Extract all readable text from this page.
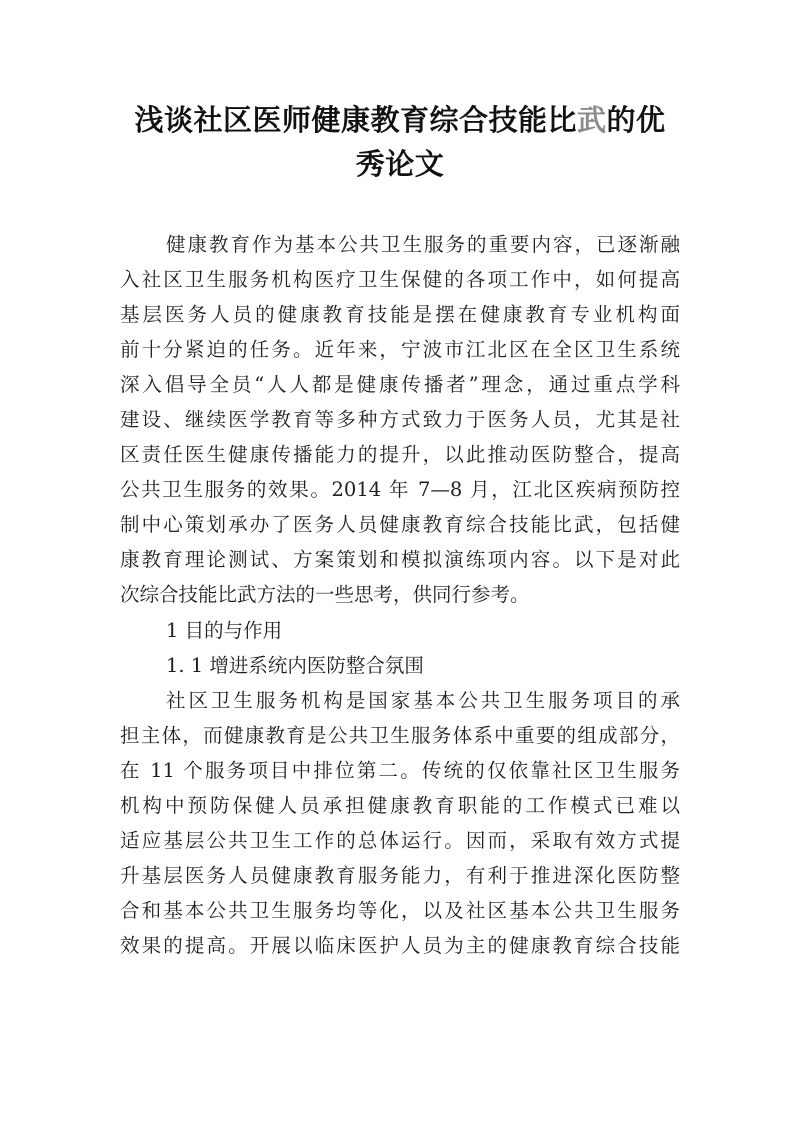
浅谈社区医师健康教育综合技能比武的优
秀论文
健康教育作为基本公共卫生服务的重要内容，已逐渐融
入社区卫生服务机构医疗卫生保健的各项工作中，如何提高
基层医务人员的健康教育技能是摆在健康教育专业机构面
前十分紧迫的任务。近年来，宁波市江北区在全区卫生系统
深入倡导全员“人人都是健康传播者”理念，通过重点学科
建设、继续医学教育等多种方式致力于医务人员，尤其是社
区责任医生健康传播能力的提升，以此推动医防整合，提高
公共卫生服务的效果。2014 年 7—8 月，江北区疾病预防控
制中心策划承办了医务人员健康教育综合技能比武，包括健
康教育理论测试、方案策划和模拟演练项内容。以下是对此
次综合技能比武方法的一些思考，供同行参考。
1 目的与作用
1. 1 增进系统内医防整合氛围
社区卫生服务机构是国家基本公共卫生服务项目的承
担主体，而健康教育是公共卫生服务体系中重要的组成部分，
在 11 个服务项目中排位第二。传统的仅依靠社区卫生服务
机构中预防保健人员承担健康教育职能的工作模式已难以
适应基层公共卫生工作的总体运行。因而，采取有效方式提
升基层医务人员健康教育服务能力，有利于推进深化医防整
合和基本公共卫生服务均等化，以及社区基本公共卫生服务
效果的提高。开展以临床医护人员为主的健康教育综合技能
